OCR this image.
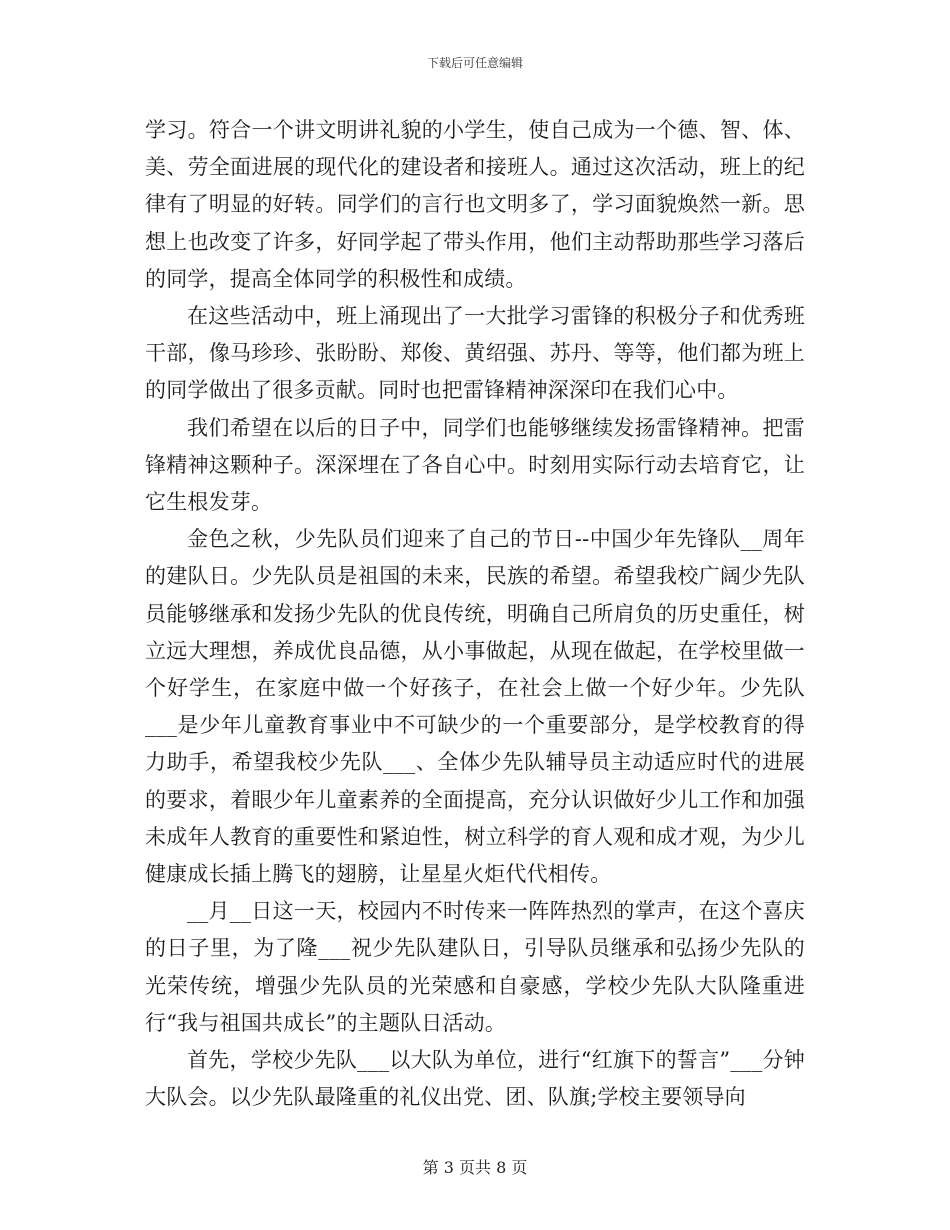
下载后可任意编辑

学习。符合一个讲文明讲礼貌的小学生，使自己成为一个德、智、体、美、劳全面进展的现代化的建设者和接班人。通过这次活动，班上的纪律有了明显的好转。同学们的言行也文明多了，学习面貌焕然一新。思想上也改变了许多，好同学起了带头作用，他们主动帮助那些学习落后的同学，提高全体同学的积极性和成绩。

在这些活动中，班上涌现出了一大批学习雷锋的积极分子和优秀班干部，像马珍珍、张盼盼、郑俊、黄绍强、苏丹、等等，他们都为班上的同学做出了很多贡献。同时也把雷锋精神深深印在我们心中。

我们希望在以后的日子中，同学们也能够继续发扬雷锋精神。把雷锋精神这颗种子。深深埋在了各自心中。时刻用实际行动去培育它，让它生根发芽。

金色之秋，少先队员们迎来了自己的节日--中国少年先锋队__周年的建队日。少先队员是祖国的未来，民族的希望。希望我校广阔少先队员能够继承和发扬少先队的优良传统，明确自己所肩负的历史重任，树立远大理想，养成优良品德，从小事做起，从现在做起，在学校里做一个好学生，在家庭中做一个好孩子，在社会上做一个好少年。少先队___是少年儿童教育事业中不可缺少的一个重要部分，是学校教育的得力助手，希望我校少先队___、全体少先队辅导员主动适应时代的进展的要求，着眼少年儿童素养的全面提高，充分认识做好少儿工作和加强未成年人教育的重要性和紧迫性，树立科学的育人观和成才观，为少儿健康成长插上腾飞的翅膀，让星星火炬代代相传。

__月__日这一天，校园内不时传来一阵阵热烈的掌声，在这个喜庆的日子里，为了隆___祝少先队建队日，引导队员继承和弘扬少先队的光荣传统，增强少先队员的光荣感和自豪感，学校少先队大队隆重进行“我与祖国共成长”的主题队日活动。

首先，学校少先队___以大队为单位，进行“红旗下的誓言”___分钟大队会。以少先队最隆重的礼仪出党、团、队旗;学校主要领导向

第 3 页共 8 页
